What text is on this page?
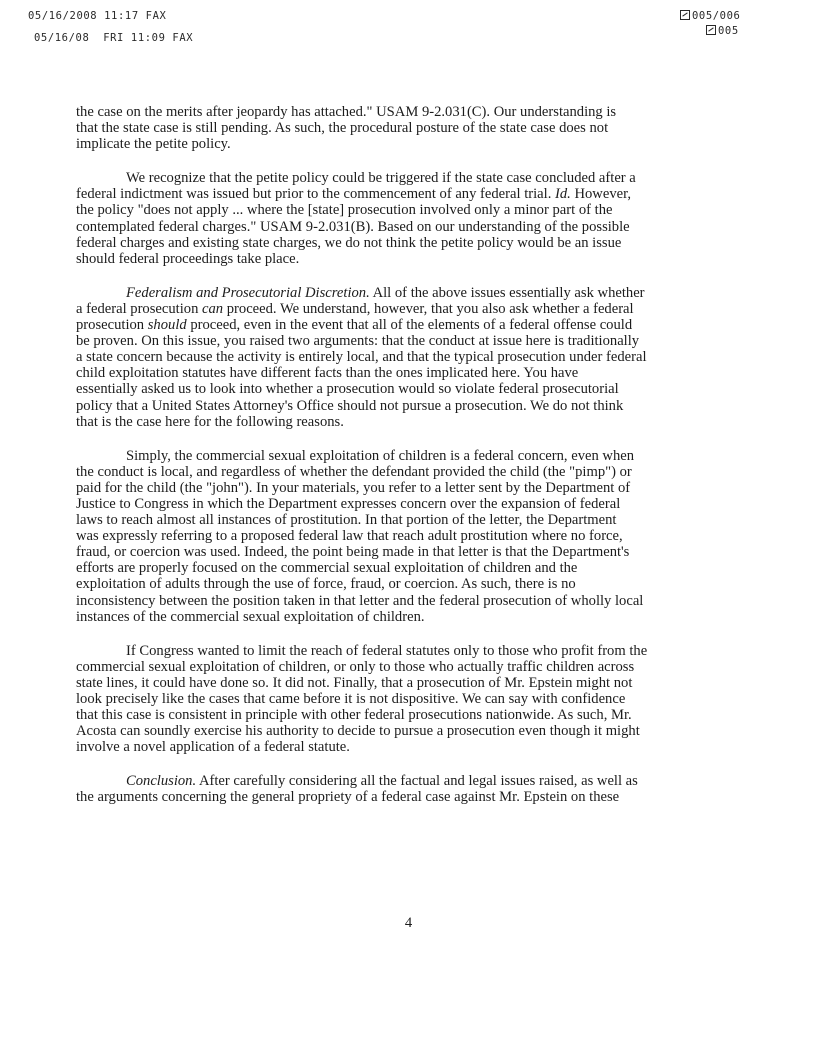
05/16/2008 11:17 FAX
05/16/08  FRI 11:09 FAX
005/006
005
the case on the merits after jeopardy has attached." USAM 9-2.031(C). Our understanding is
that the state case is still pending. As such, the procedural posture of the state case does not
implicate the petite policy.
We recognize that the petite policy could be triggered if the state case concluded after a
federal indictment was issued but prior to the commencement of any federal trial. Id. However,
the policy "does not apply ... where the [state] prosecution involved only a minor part of the
contemplated federal charges." USAM 9-2.031(B). Based on our understanding of the possible
federal charges and existing state charges, we do not think the petite policy would be an issue
should federal proceedings take place.
Federalism and Prosecutorial Discretion. All of the above issues essentially ask whether
a federal prosecution can proceed. We understand, however, that you also ask whether a federal
prosecution should proceed, even in the event that all of the elements of a federal offense could
be proven. On this issue, you raised two arguments: that the conduct at issue here is traditionally
a state concern because the activity is entirely local, and that the typical prosecution under federal
child exploitation statutes have different facts than the ones implicated here. You have
essentially asked us to look into whether a prosecution would so violate federal prosecutorial
policy that a United States Attorney's Office should not pursue a prosecution. We do not think
that is the case here for the following reasons.
Simply, the commercial sexual exploitation of children is a federal concern, even when
the conduct is local, and regardless of whether the defendant provided the child (the "pimp") or
paid for the child (the "john"). In your materials, you refer to a letter sent by the Department of
Justice to Congress in which the Department expresses concern over the expansion of federal
laws to reach almost all instances of prostitution. In that portion of the letter, the Department
was expressly referring to a proposed federal law that reach adult prostitution where no force,
fraud, or coercion was used. Indeed, the point being made in that letter is that the Department's
efforts are properly focused on the commercial sexual exploitation of children and the
exploitation of adults through the use of force, fraud, or coercion. As such, there is no
inconsistency between the position taken in that letter and the federal prosecution of wholly local
instances of the commercial sexual exploitation of children.
If Congress wanted to limit the reach of federal statutes only to those who profit from the
commercial sexual exploitation of children, or only to those who actually traffic children across
state lines, it could have done so. It did not. Finally, that a prosecution of Mr. Epstein might not
look precisely like the cases that came before it is not dispositive. We can say with confidence
that this case is consistent in principle with other federal prosecutions nationwide. As such, Mr.
Acosta can soundly exercise his authority to decide to pursue a prosecution even though it might
involve a novel application of a federal statute.
Conclusion. After carefully considering all the factual and legal issues raised, as well as
the arguments concerning the general propriety of a federal case against Mr. Epstein on these
4
